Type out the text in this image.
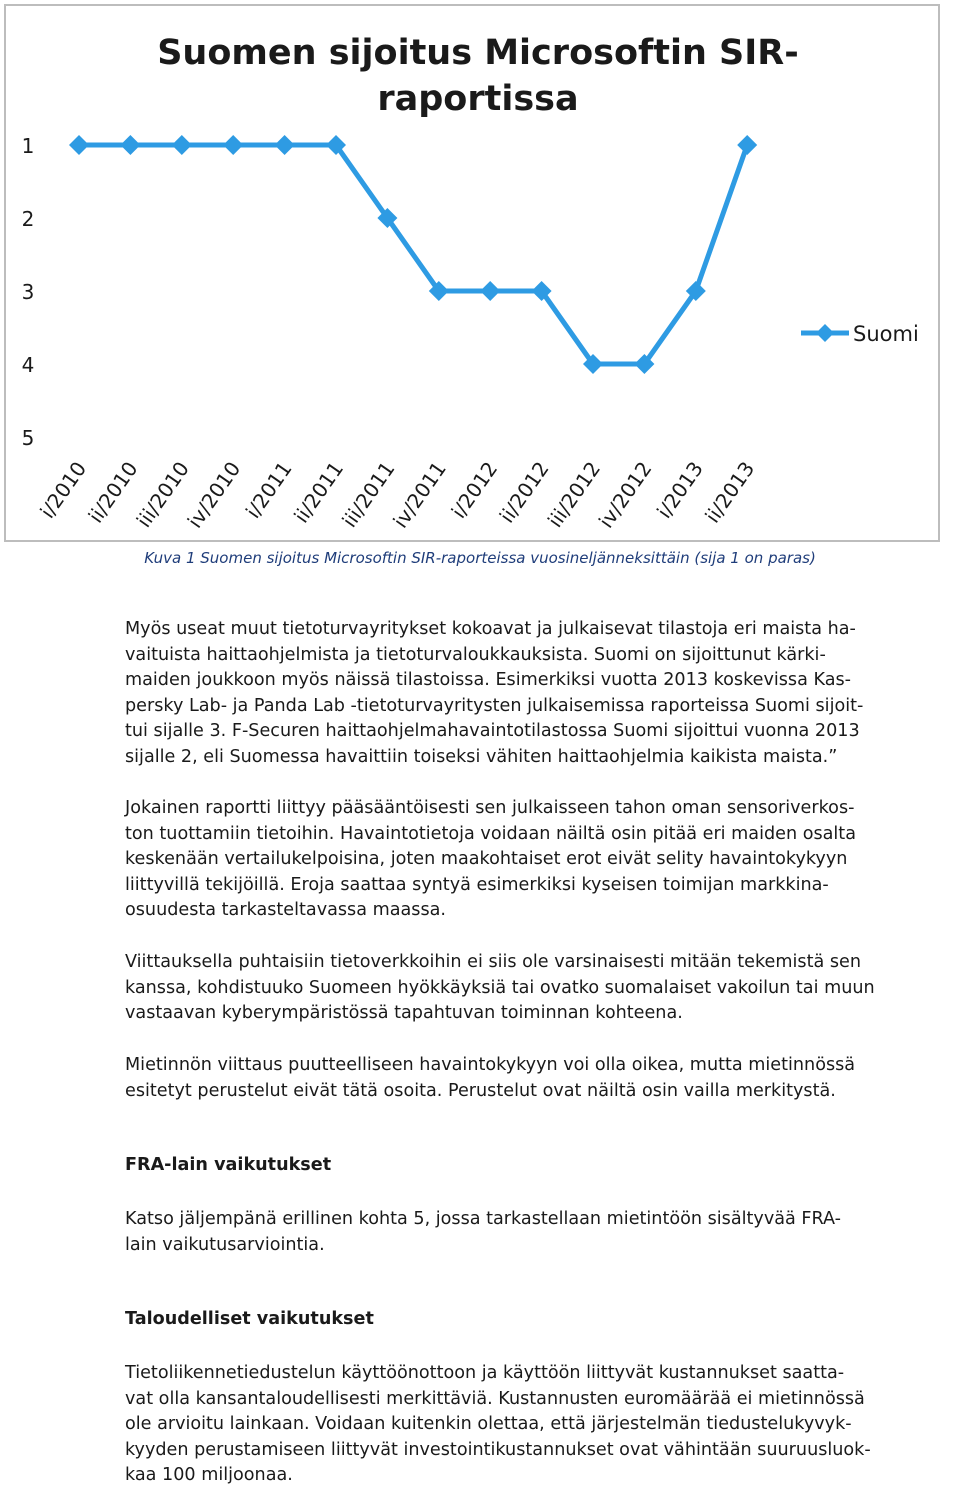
Suomen sijoitus Microsoftin SIR-
raportissa
1
2
3
4
5
i/2010
ii/2010
iii/2010
iv/2010
i/2011
ii/2011
iii/2011
iv/2011
i/2012
ii/2012
iii/2012
iv/2012
i/2013
ii/2013
Suomi
Kuva 1 Suomen sijoitus Microsoftin SIR-raporteissa vuosineljänneksittäin (sija 1 on paras)

Myös useat muut tietoturvayritykset kokoavat ja julkaisevat tilastoja eri maista ha-

vaituista haittaohjelmista ja tietoturvaloukkauksista. Suomi on sijoittunut kärki-

maiden joukkoon myös näissä tilastoissa. Esimerkiksi vuotta 2013 koskevissa Kas-

persky Lab- ja Panda Lab -tietoturvayritysten julkaisemissa raporteissa Suomi sijoit-

tui sijalle 3. F-Securen haittaohjelmahavaintotilastossa Suomi sijoittui vuonna 2013

sijalle 2, eli Suomessa havaittiin toiseksi vähiten haittaohjelmia kaikista maista.”

Jokainen raportti liittyy pääsääntöisesti sen julkaisseen tahon oman sensoriverkos-

ton tuottamiin tietoihin. Havaintotietoja voidaan näiltä osin pitää eri maiden osalta

keskenään vertailukelpoisina, joten maakohtaiset erot eivät selity havaintokykyyn

liittyvillä tekijöillä. Eroja saattaa syntyä esimerkiksi kyseisen toimijan markkina-

osuudesta tarkasteltavassa maassa.

Viittauksella puhtaisiin tietoverkkoihin ei siis ole varsinaisesti mitään tekemistä sen

kanssa, kohdistuuko Suomeen hyökkäyksiä tai ovatko suomalaiset vakoilun tai muun

vastaavan kyberympäristössä tapahtuvan toiminnan kohteena.

Mietinnön viittaus puutteelliseen havaintokykyyn voi olla oikea, mutta mietinnössä

esitetyt perustelut eivät tätä osoita. Perustelut ovat näiltä osin vailla merkitystä.

FRA-lain vaikutukset

Katso jäljempänä erillinen kohta 5, jossa tarkastellaan mietintöön sisältyvää FRA-

lain vaikutusarviointia.

Taloudelliset vaikutukset

Tietoliikennetiedustelun käyttöönottoon ja käyttöön liittyvät kustannukset saatta-

vat olla kansantaloudellisesti merkittäviä. Kustannusten euromäärää ei mietinnössä

ole arvioitu lainkaan. Voidaan kuitenkin olettaa, että järjestelmän tiedustelukyvyk-

kyyden perustamiseen liittyvät investointikustannukset ovat vähintään suuruusluok-

kaa 100 miljoonaa.
